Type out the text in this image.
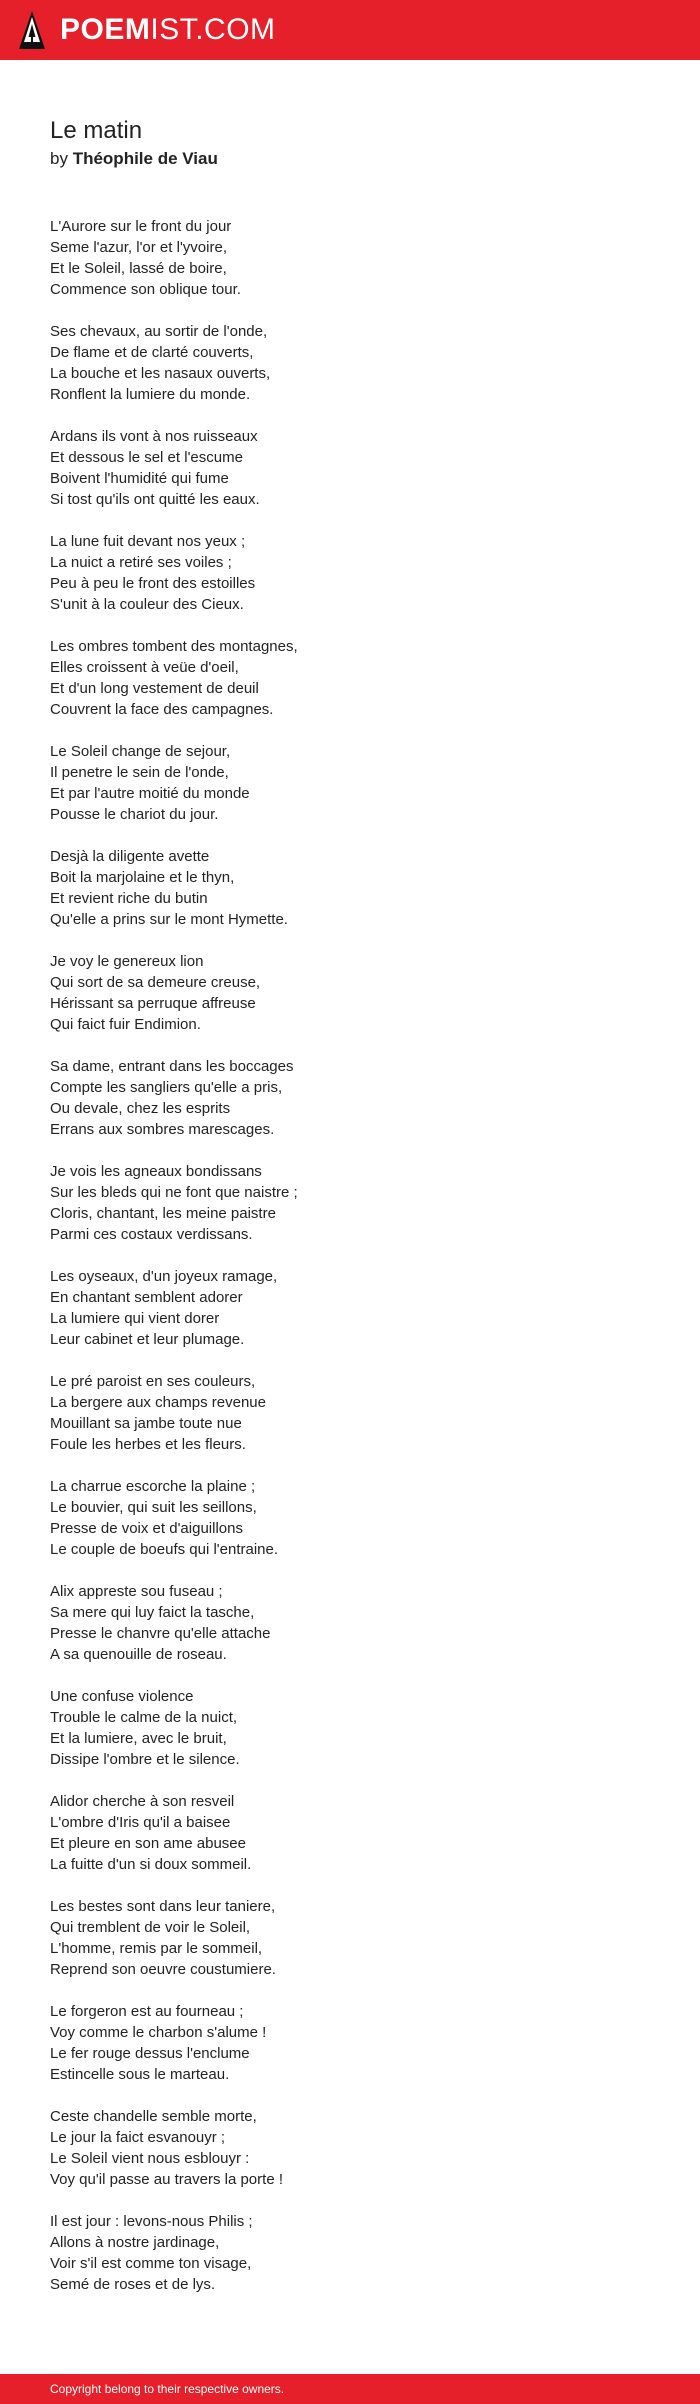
POEMIST.COM
Le matin
by Théophile de Viau
L'Aurore sur le front du jour
Seme l'azur, l'or et l'yvoire,
Et le Soleil, lassé de boire,
Commence son oblique tour.
Ses chevaux, au sortir de l'onde,
De flame et de clarté couverts,
La bouche et les nasaux ouverts,
Ronflent la lumiere du monde.
Ardans ils vont à nos ruisseaux
Et dessous le sel et l'escume
Boivent l'humidité qui fume
Si tost qu'ils ont quitté les eaux.
La lune fuit devant nos yeux ;
La nuict a retiré ses voiles ;
Peu à peu le front des estoilles
S'unit à la couleur des Cieux.
Les ombres tombent des montagnes,
Elles croissent à veüe d'oeil,
Et d'un long vestement de deuil
Couvrent la face des campagnes.
Le Soleil change de sejour,
Il penetre le sein de l'onde,
Et par l'autre moitié du monde
Pousse le chariot du jour.
Desjà la diligente avette
Boit la marjolaine et le thyn,
Et revient riche du butin
Qu'elle a prins sur le mont Hymette.
Je voy le genereux lion
Qui sort de sa demeure creuse,
Hérissant sa perruque affreuse
Qui faict fuir Endimion.
Sa dame, entrant dans les boccages
Compte les sangliers qu'elle a pris,
Ou devale, chez les esprits
Errans aux sombres marescages.
Je vois les agneaux bondissans
Sur les bleds qui ne font que naistre ;
Cloris, chantant, les meine paistre
Parmi ces costaux verdissans.
Les oyseaux, d'un joyeux ramage,
En chantant semblent adorer
La lumiere qui vient dorer
Leur cabinet et leur plumage.
Le pré paroist en ses couleurs,
La bergere aux champs revenue
Mouillant sa jambe toute nue
Foule les herbes et les fleurs.
La charrue escorche la plaine ;
Le bouvier, qui suit les seillons,
Presse de voix et d'aiguillons
Le couple de boeufs qui l'entraine.
Alix appreste sou fuseau ;
Sa mere qui luy faict la tasche,
Presse le chanvre qu'elle attache
A sa quenouille de roseau.
Une confuse violence
Trouble le calme de la nuict,
Et la lumiere, avec le bruit,
Dissipe l'ombre et le silence.
Alidor cherche à son resveil
L'ombre d'Iris qu'il a baisee
Et pleure en son ame abusee
La fuitte d'un si doux sommeil.
Les bestes sont dans leur taniere,
Qui tremblent de voir le Soleil,
L'homme, remis par le sommeil,
Reprend son oeuvre coustumiere.
Le forgeron est au fourneau ;
Voy comme le charbon s'alume !
Le fer rouge dessus l'enclume
Estincelle sous le marteau.
Ceste chandelle semble morte,
Le jour la faict esvanouyr ;
Le Soleil vient nous esblouyr :
Voy qu'il passe au travers la porte !
Il est jour : levons-nous Philis ;
Allons à nostre jardinage,
Voir s'il est comme ton visage,
Semé de roses et de lys.
Copyright belong to their respective owners.
